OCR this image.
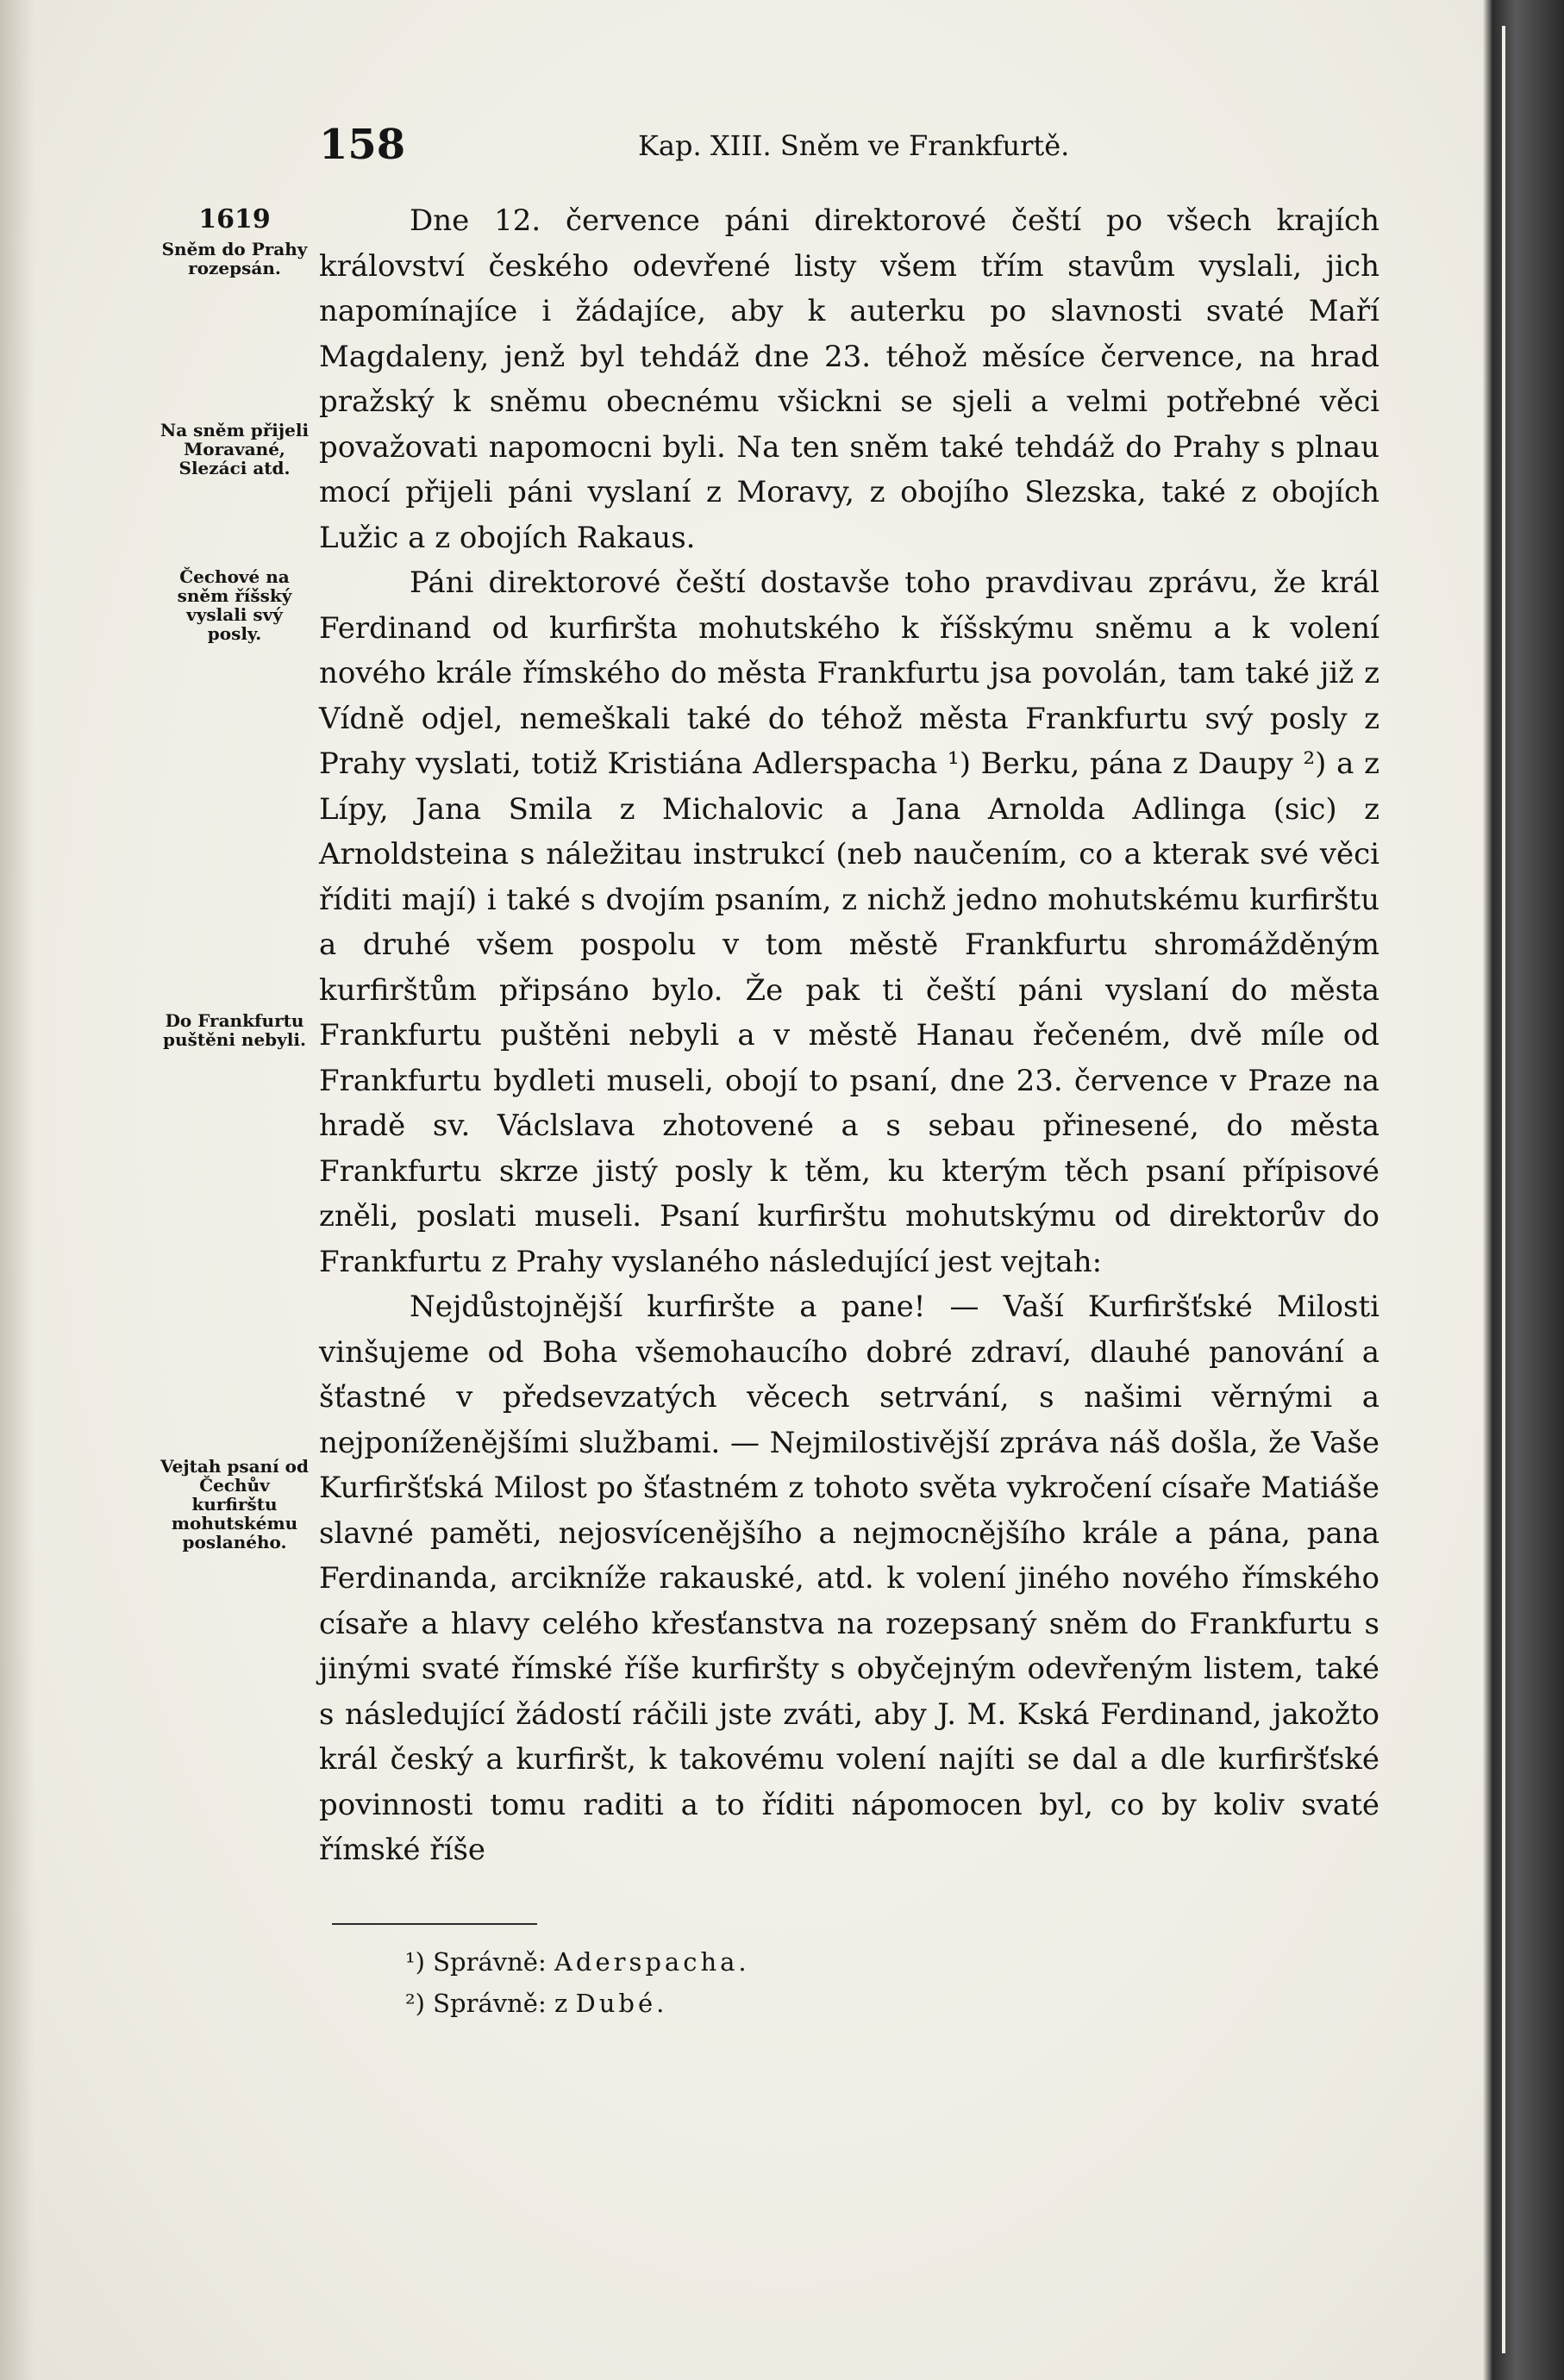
158	Kap. XIII. Sněm ve Frankfurtě.
1619
Sněm do Prahy rozepsán.
Na sněm přijeli Moravané, Slezáci atd.
Čechové na sněm říšský vyslali svý posly.
Do Frankfurtu puštěni nebyli.
Vejtah psaní od Čechův kurfirštu mohutskému poslaného.

Dne 12. července páni direktorové čeští po všech krajích království českého odevřené listy všem třím stavům vyslali, jich napomínajíce i žádajíce, aby k auterku po slavnosti svaté Maří Magdaleny, jenž byl tehdáž dne 23. téhož měsíce července, na hrad pražský k sněmu obecnému všickni se sjeli a velmi potřebné věci považovati napomocni byli. Na ten sněm také tehdáž do Prahy s plnau mocí přijeli páni vyslaní z Moravy, z obojího Slezska, také z obojích Lužic a z obojích Rakaus.

Páni direktorové čeští dostavše toho pravdivau zprávu, že král Ferdinand od kurfiršta mohutského k říšskýmu sněmu a k volení nového krále římského do města Frankfurtu jsa povolán, tam také již z Vídně odjel, nemeškali také do téhož města Frankfurtu svý posly z Prahy vyslati, totiž Kristiána Adlerspacha ¹) Berku, pána z Daupy ²) a z Lípy, Jana Smila z Michalovic a Jana Arnolda Adlinga (sic) z Arnoldsteina s náležitau instrukcí (neb naučením, co a kterak své věci říditi mají) i také s dvojím psaním, z nichž jedno mohutskému kurfirštu a druhé všem pospolu v tom městě Frankfurtu shromážděným kurfirštům připsáno bylo. Že pak ti čeští páni vyslaní do města Frankfurtu puštěni nebyli a v městě Hanau řečeném, dvě míle od Frankfurtu bydleti museli, obojí to psaní, dne 23. července v Praze na hradě sv. Václslava zhotovené a s sebau přinesené, do města Frankfurtu skrze jistý posly k těm, ku kterým těch psaní přípisové zněli, poslati museli. Psaní kurfirštu mohutskýmu od direktorův do Frankfurtu z Prahy vyslaného následující jest vejtah:

Nejdůstojnější kurfiršte a pane! — Vaší Kurfiršťské Milosti vinšujeme od Boha všemohaucího dobré zdraví, dlauhé panování a šťastné v předsevzatých věcech setrvání, s našimi věrnými a nejponíženějšími službami. — Nejmilostivější zpráva náš došla, že Vaše Kurfiršťská Milost po šťastném z tohoto světa vykročení císaře Matiáše slavné paměti, nejosvícenějšího a nejmocnějšího krále a pána, pana Ferdinanda, arcikníže rakauské, atd. k volení jiného nového římského císaře a hlavy celého křesťanstva na rozepsaný sněm do Frankfurtu s jinými svaté římské říše kurfiršty s obyčejným odevřeným listem, také s následující žádostí ráčili jste zváti, aby J. M. Kská Ferdinand, jakožto král český a kurfiršt, k takovému volení najíti se dal a dle kurfiršťské povinnosti tomu raditi a to říditi nápomocen byl, co by koliv svaté římské říše

¹) Správně: Aderspacha.
²) Správně: z Dubé.
